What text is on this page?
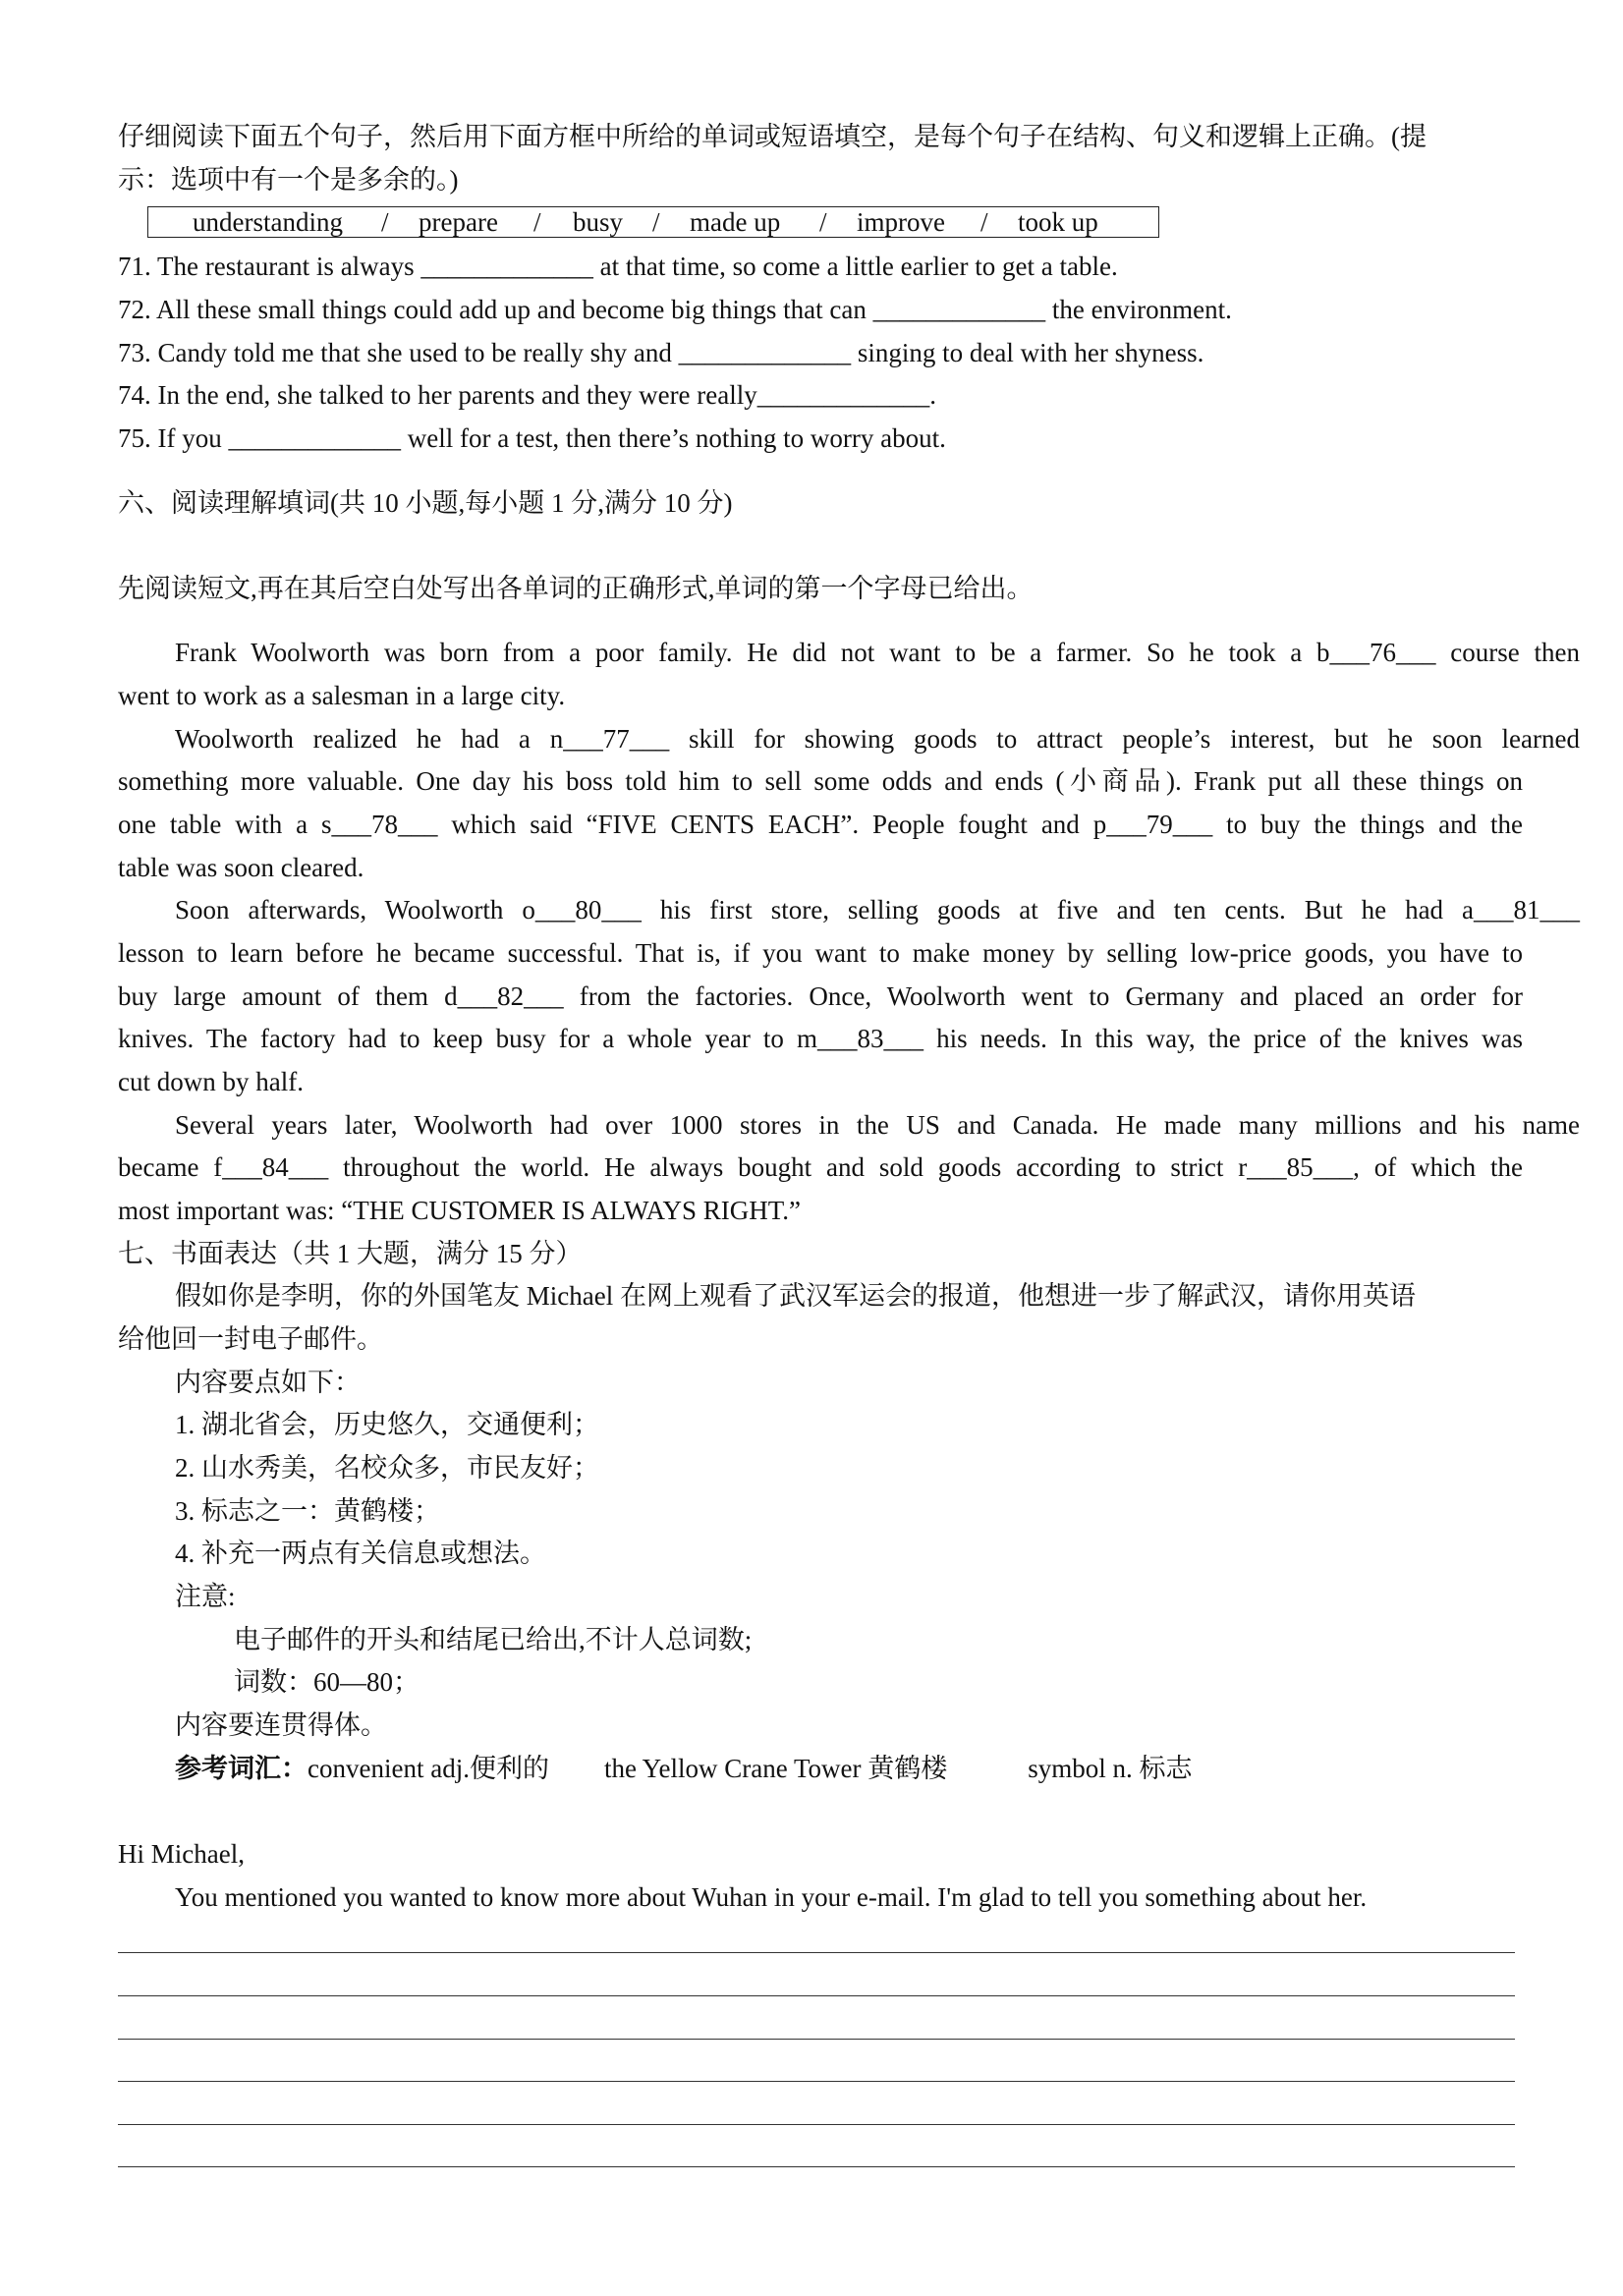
仔细阅读下面五个句子，然后用下面方框中所给的单词或短语填空，是每个句子在结构、句义和逻辑上正确。(提
示：选项中有一个是多余的。)
understanding / prepare / busy / made up / improve / took up
71. The restaurant is always _____________ at that time, so come a little earlier to get a table.
72. All these small things could add up and become big things that can _____________ the environment.
73. Candy told me that she used to be really shy and _____________ singing to deal with her shyness.
74. In the end, she talked to her parents and they were really_____________.
75. If you _____________ well for a test, then there’s nothing to worry about.
六、阅读理解填词(共 10 小题,每小题 1 分,满分 10 分)
先阅读短文,再在其后空白处写出各单词的正确形式,单词的第一个字母已给出。
Frank Woolworth was born from a poor family. He did not want to be a farmer. So he took a b___76___ course then
went to work as a salesman in a large city.
Woolworth realized he had a n___77___ skill for showing goods to attract people’s interest, but he soon learned
something more valuable. One day his boss told him to sell some odds and ends (小商品). Frank put all these things on
one table with a s___78___ which said “FIVE CENTS EACH”. People fought and p___79___ to buy the things and the
table was soon cleared.
Soon afterwards, Woolworth o___80___ his first store, selling goods at five and ten cents. But he had a___81___
lesson to learn before he became successful. That is, if you want to make money by selling low-price goods, you have to
buy large amount of them d___82___ from the factories. Once, Woolworth went to Germany and placed an order for
knives. The factory had to keep busy for a whole year to m___83___ his needs. In this way, the price of the knives was
cut down by half.
Several years later, Woolworth had over 1000 stores in the US and Canada. He made many millions and his name
became f___84___ throughout the world. He always bought and sold goods according to strict r___85___, of which the
most important was: “THE CUSTOMER IS ALWAYS RIGHT.”
七、书面表达（共 1 大题，满分 15 分）
假如你是李明，你的外国笔友 Michael 在网上观看了武汉军运会的报道，他想进一步了解武汉，请你用英语
给他回一封电子邮件。
内容要点如下：
1. 湖北省会，历史悠久，交通便利；
2. 山水秀美，名校众多，市民友好；
3. 标志之一：黄鹤楼；
4. 补充一两点有关信息或想法。
注意:
电子邮件的开头和结尾已给出,不计人总词数;
词数：60—80；
内容要连贯得体。
参考词汇：convenient adj.便利的 the Yellow Crane Tower 黄鹤楼	symbol n. 标志
Hi Michael,
You mentioned you wanted to know more about Wuhan in your e-mail. I'm glad to tell you something about her.
